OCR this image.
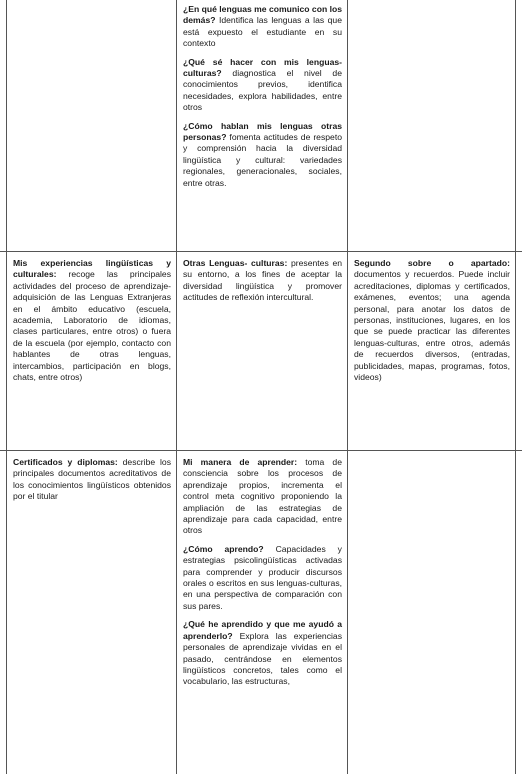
¿En qué lenguas me comunico con los demás? Identifica las lenguas a las que está expuesto el estudiante en su contexto

¿Qué sé hacer con mis lenguas-culturas? diagnostica el nivel de conocimientos previos, identifica necesidades, explora habilidades, entre otros

¿Cómo hablan mis lenguas otras personas? fomenta actitudes de respeto y comprensión hacia la diversidad lingüística y cultural: variedades regionales, generacionales, sociales, entre otras.

Mis experiencias lingüísticas y culturales: recoge las principales actividades del proceso de aprendizaje-adquisición de las Lenguas Extranjeras en el ámbito educativo (escuela, academia, Laboratorio de idiomas, clases particulares, entre otros) o fuera de la escuela (por ejemplo, contacto con hablantes de otras lenguas, intercambios, participación en blogs, chats, entre otros)

Otras Lenguas- culturas: presentes en su entorno, a los fines de aceptar la diversidad lingüística y promover actitudes de reflexión intercultural.

Segundo sobre o apartado: documentos y recuerdos. Puede incluir acreditaciones, diplomas y certificados, exámenes, eventos; una agenda personal, para anotar los datos de personas, instituciones, lugares, en los que se puede practicar las diferentes lenguas-culturas, entre otros, además de recuerdos diversos, (entradas, publicidades, mapas, programas, fotos, videos)

Certificados y diplomas: describe los principales documentos acreditativos de los conocimientos lingüísticos obtenidos por el titular

Mi manera de aprender: toma de consciencia sobre los procesos de aprendizaje propios, incrementa el control meta cognitivo proponiendo la ampliación de las estrategias de aprendizaje para cada capacidad, entre otros

¿Cómo aprendo? Capacidades y estrategias psicolingüísticas activadas para comprender y producir discursos orales o escritos en sus lenguas-culturas, en una perspectiva de comparación con sus pares.

¿Qué he aprendido y que me ayudó a aprenderlo? Explora las experiencias personales de aprendizaje vividas en el pasado, centrándose en elementos lingüísticos concretos, tales como el vocabulario, las estructuras,
